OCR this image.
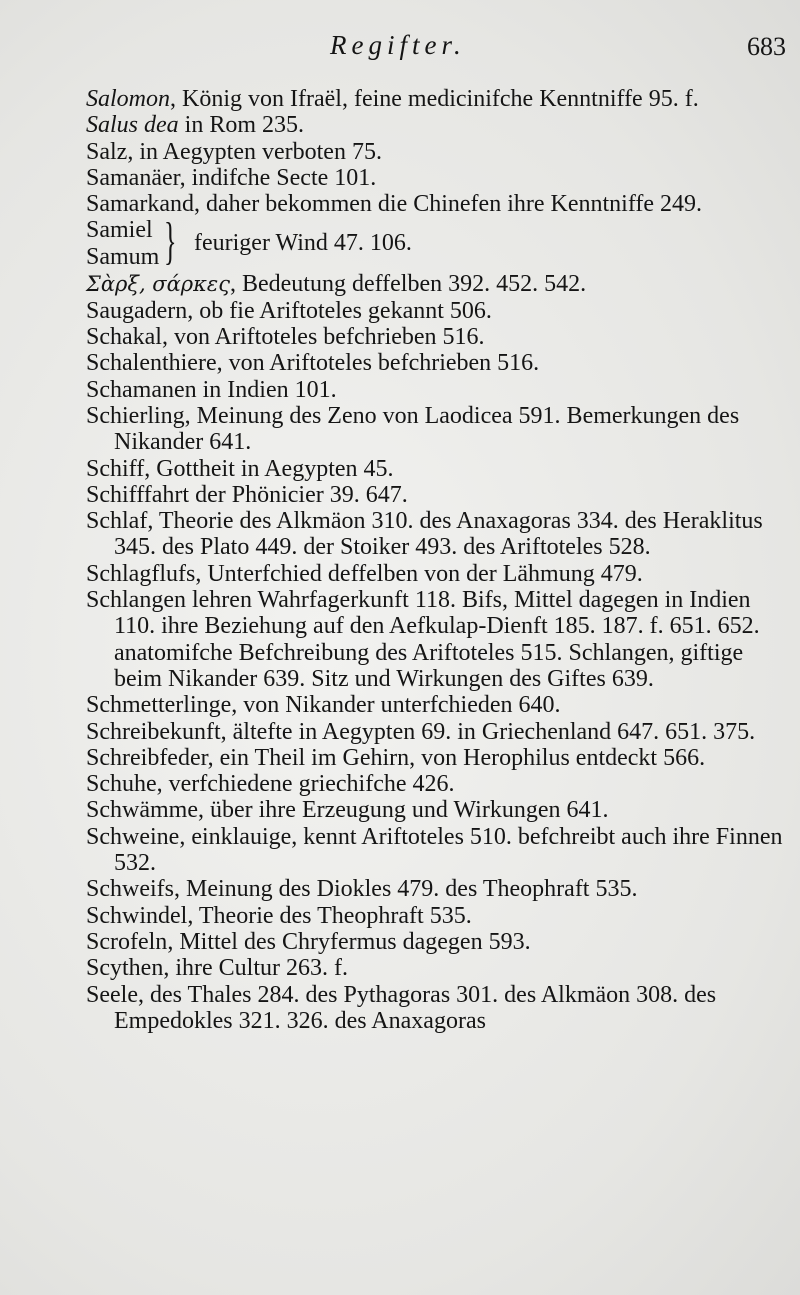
Regifter.	683

Salomon, König von Ifraël, feine medicinifche Kenntniffe 95. f.

Salus dea in Rom 235.

Salz, in Aegypten verboten 75.

Samanäer, indifche Secte 101.

Samarkand, daher bekommen die Chinefen ihre Kenntniffe 249.

Samiel
Samum } feuriger Wind 47. 106.

Σὰρξ, σάρκες, Bedeutung deffelben 392. 452. 542.

Saugadern, ob fie Ariftoteles gekannt 506.

Schakal, von Ariftoteles befchrieben 516.

Schalenthiere, von Ariftoteles befchrieben 516.

Schamanen in Indien 101.

Schierling, Meinung des Zeno von Laodicea 591. Bemerkungen des Nikander 641.

Schiff, Gottheit in Aegypten 45.

Schifffahrt der Phönicier 39. 647.

Schlaf, Theorie des Alkmäon 310. des Anaxagoras 334. des Heraklitus 345. des Plato 449. der Stoiker 493. des Ariftoteles 528.

Schlagflufs, Unterfchied deffelben von der Lähmung 479.

Schlangen lehren Wahrfagerkunft 118. Bifs, Mittel dagegen in Indien 110. ihre Beziehung auf den Aefkulap-Dienft 185. 187. f. 651. 652. anatomifche Befchreibung des Ariftoteles 515. Schlangen, giftige beim Nikander 639. Sitz und Wirkungen des Giftes 639.

Schmetterlinge, von Nikander unterfchieden 640.

Schreibekunft, ältefte in Aegypten 69. in Griechenland 647. 651. 375.

Schreibfeder, ein Theil im Gehirn, von Herophilus entdeckt 566.

Schuhe, verfchiedene griechifche 426.

Schwämme, über ihre Erzeugung und Wirkungen 641.

Schweine, einklauige, kennt Ariftoteles 510. befchreibt auch ihre Finnen 532.

Schweifs, Meinung des Diokles 479. des Theophraft 535.

Schwindel, Theorie des Theophraft 535.

Scrofeln, Mittel des Chryfermus dagegen 593.

Scythen, ihre Cultur 263. f.

Seele, des Thales 284. des Pythagoras 301. des Alkmäon 308. des Empedokles 321. 326. des Anaxagoras
